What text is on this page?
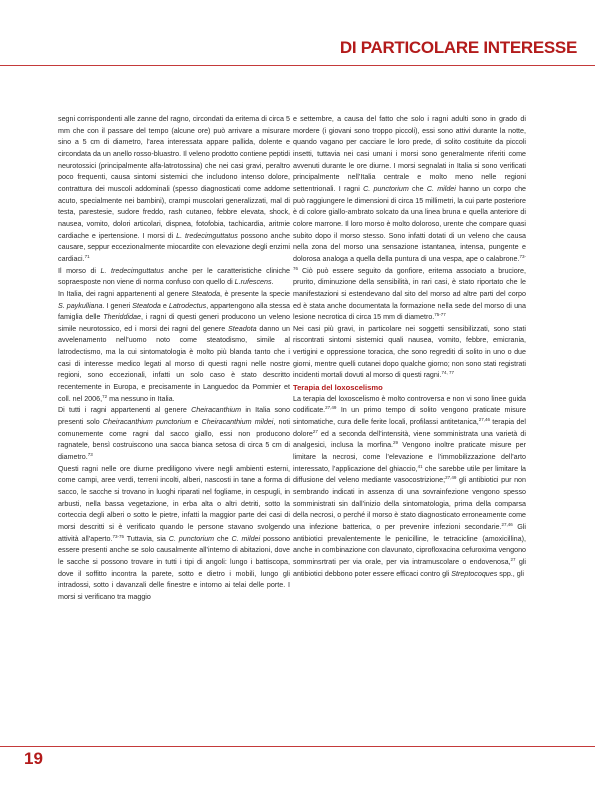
DI PARTICOLARE INTERESSE

segni corrispondenti alle zanne del ragno, circondati da eritema di circa 5 mm che con il passare del tempo (alcune ore) può arrivare a misurare sino a 5 cm di diametro, l’area interessata appare pallida, dolente e circondata da un anello rosso-bluastro. Il veleno prodotto contiene peptidi neurotossici (principalmente alfa-latrotossina) che nei casi gravi, peraltro poco frequenti, causa sintomi sistemici che includono intenso dolore, contrattura dei muscoli addominali (spesso diagnosticati come addome acuto, specialmente nei bambini), crampi muscolari generalizzati, mal di testa, parestesie, sudore freddo, rash cutaneo, febbre elevata, shock, nausea, vomito, dolori articolari, dispnea, fotofobia, tachicardia, aritmie cardiache e ipertensione. I morsi di L. tredecimguttatus possono anche causare, seppur eccezionalmente miocardite con elevazione degli enzimi cardiaci.$^{71}$

Il morso di L. tredecimguttatus anche per le caratteristiche cliniche sopraesposte non viene di norma confuso con quello di L.rufescens.

In Italia, dei ragni appartenenti al genere Steatoda, è presente la specie S. paykulliana. I generi Steatoda e Latrodectus, appartengono alla stessa famiglia delle Theriddidae, i ragni di questi generi producono un veleno simile neurotossico, ed i morsi dei ragni del genere Steadota danno un avvelenamento nell’uomo noto come steatodismo, simile al latrodectismo, ma la cui sintomatologia è molto più blanda tanto che i casi di interesse medico legati al morso di questi ragni nelle nostre regioni, sono eccezionali, infatti un solo caso è stato descritto recentemente in Europa, e precisamente in Languedoc da Pommier et coll. nel 2006,72 ma nessuno in Italia.

Di tutti i ragni appartenenti al genere Cheiracanthium in Italia sono presenti solo Cheiracanthium punctorium e Cheiracanthium mildei, noti comunemente come ragni dal sacco giallo, essi non producono ragnatele, bensì costruiscono una sacca bianca setosa di circa 5 cm di diametro.$^{73}$

Questi ragni nelle ore diurne prediligono vivere negli ambienti esterni, come campi, aree verdi, terreni incolti, alberi, nascosti in tane a forma di sacco, le sacche si trovano in luoghi riparati nel fogliame, in cespugli, in arbusti, nella bassa vegetazione, in erba alta o altri detriti, sotto la corteccia degli alberi o sotto le pietre, infatti la maggior parte dei casi di morsi descritti si è verificato quando le persone stavano svolgendo attività all’aperto.$^{73-75}$ Tuttavia, sia C. punctorium che C. mildei possono essere presenti anche se solo causalmente all’interno di abitazioni, dove le sacche si possono trovare in tutti i tipi di angoli: lungo i battiscopa, dove il soffitto incontra la parete, sotto e dietro i mobili, lungo gli intradossi, sotto i davanzali delle finestre e intorno ai telai delle porte. I morsi si verificano tra maggio

e settembre, a causa del fatto che solo i ragni adulti sono in grado di mordere (i giovani sono troppo piccoli), essi sono attivi durante la notte, quando vagano per cacciare le loro prede, di solito costituite da piccoli insetti, tuttavia nei casi umani i morsi sono generalmente riferiti come avvenuti durante le ore diurne. I morsi segnalati in Italia si sono verificati principalmente nell’Italia centrale e molto meno nelle regioni settentrionali. I ragni C. punctorium che C. mildei hanno un corpo che può raggiungere le dimensioni di circa 15 millimetri, la cui parte posteriore è di colore giallo-ambrato solcato da una linea bruna e quella anteriore di colore marrone. Il loro morso è molto doloroso, urente che compare quasi subito dopo il morso stesso. Sono infatti dotati di un veleno che causa nella zona del morso una sensazione istantanea, intensa, pungente e dolorosa analoga a quella della puntura di una vespa, ape o calabrone.$^{73-76}$ Ciò può essere seguito da gonfiore, eritema associato a bruciore, prurito, diminuzione della sensibilità, in rari casi, è stato riportato che le manifestazioni si estendevano dal sito del morso ad altre parti del corpo ed è stata anche documentata la formazione nella sede del morso di una lesione necrotica di circa 15 mm di diametro.$^{75-77}$

Nei casi più gravi, in particolare nei soggetti sensibilizzati, sono stati riscontrati sintomi sistemici quali nausea, vomito, febbre, emicrania, vertigini e oppressione toracica, che sono regrediti di solito in uno o due giorni, mentre quelli cutanei dopo qualche giorno; non sono stati registrati incidenti mortali dovuti al morso di questi ragni.$^{74, 77}$

Terapia del loxoscelismo

La terapia del loxoscelismo è molto controversa e non vi sono linee guida codificate.$^{27,49}$ In un primo tempo di solito vengono praticate misure sintomatiche, cura delle ferite locali, profilassi antitetanica,$^{27,46}$ terapia del dolore$^{27}$ ed a seconda dell’intensità, viene somministrata una varietà di analgesici, inclusa la morfina.$^{29}$ Vengono inoltre praticate misure per limitare la necrosi, come l’elevazione e l’immobilizzazione dell’arto interessato, l’applicazione del ghiaccio,$^{41}$ che sarebbe utile per limitare la diffusione del veleno mediante vasocostrizione;$^{27,49}$ gli antibiotici pur non sembrando indicati in assenza di una sovrainfezione vengono spesso somministrati sin dall’inizio della sintomatologia, prima della comparsa della necrosi, o perché il morso è stato diagnosticato erroneamente come una infezione batterica, o per prevenire infezioni secondarie.$^{27,46}$ Gli antibiotici prevalentemente le penicilline, le tetracicline (amoxicillina), anche in combinazione con clavunato, ciprofloxacina cefuroxima vengono somminsrtrati per via orale, per via intramuscolare o endovenosa,$^{27}$ gli antibiotici debbono poter essere efficaci contro gli Streptocoques spp., gli

19
